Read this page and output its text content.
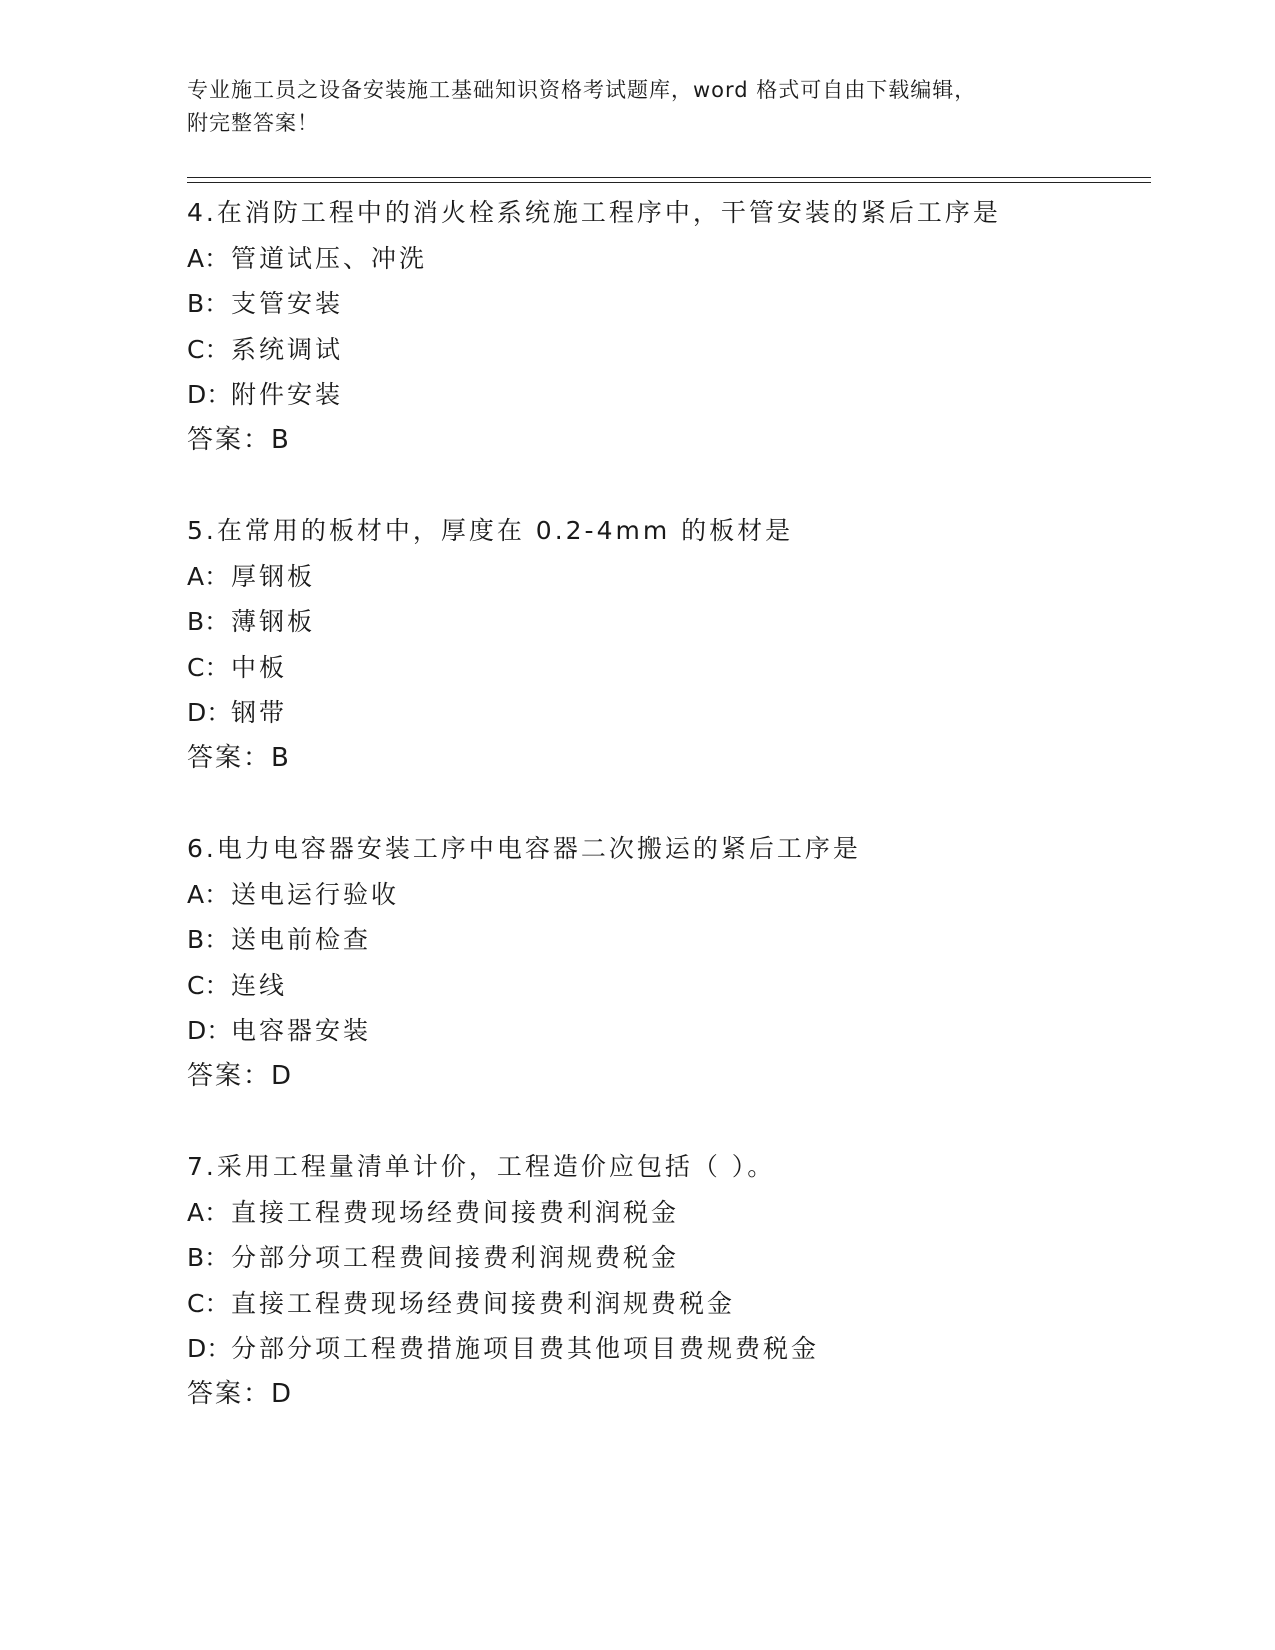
专业施工员之设备安装施工基础知识资格考试题库，word 格式可自由下载编辑，
附完整答案！
4.在消防工程中的消火栓系统施工程序中，干管安装的紧后工序是
A：管道试压、冲洗
B：支管安装
C：系统调试
D：附件安装
答案：B
5.在常用的板材中，厚度在 0.2-4mm 的板材是
A：厚钢板
B：薄钢板
C：中板
D：钢带
答案：B
6.电力电容器安装工序中电容器二次搬运的紧后工序是
A：送电运行验收
B：送电前检查
C：连线
D：电容器安装
答案：D
7.采用工程量清单计价，工程造价应包括（ ）。
A：直接工程费现场经费间接费利润税金
B：分部分项工程费间接费利润规费税金
C：直接工程费现场经费间接费利润规费税金
D：分部分项工程费措施项目费其他项目费规费税金
答案：D
